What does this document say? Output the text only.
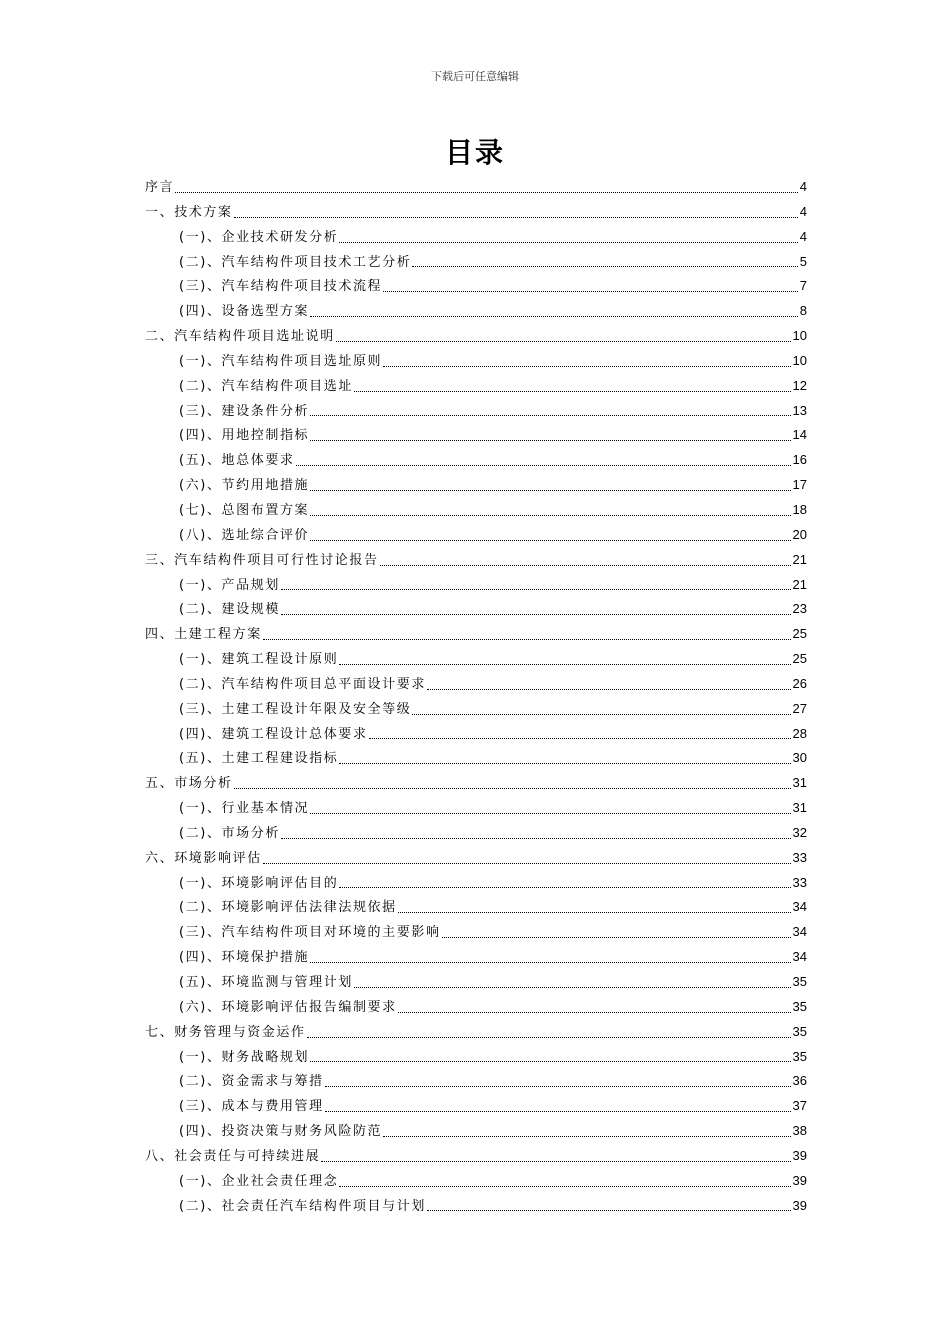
下载后可任意编辑
目录
序言	4
一、技术方案	4
(一)、企业技术研发分析	4
(二)、汽车结构件项目技术工艺分析	5
(三)、汽车结构件项目技术流程	7
(四)、设备选型方案	8
二、汽车结构件项目选址说明	10
(一)、汽车结构件项目选址原则	10
(二)、汽车结构件项目选址	12
(三)、建设条件分析	13
(四)、用地控制指标	14
(五)、地总体要求	16
(六)、节约用地措施	17
(七)、总图布置方案	18
(八)、选址综合评价	20
三、汽车结构件项目可行性讨论报告	21
(一)、产品规划	21
(二)、建设规模	23
四、土建工程方案	25
(一)、建筑工程设计原则	25
(二)、汽车结构件项目总平面设计要求	26
(三)、土建工程设计年限及安全等级	27
(四)、建筑工程设计总体要求	28
(五)、土建工程建设指标	30
五、市场分析	31
(一)、行业基本情况	31
(二)、市场分析	32
六、环境影响评估	33
(一)、环境影响评估目的	33
(二)、环境影响评估法律法规依据	34
(三)、汽车结构件项目对环境的主要影响	34
(四)、环境保护措施	34
(五)、环境监测与管理计划	35
(六)、环境影响评估报告编制要求	35
七、财务管理与资金运作	35
(一)、财务战略规划	35
(二)、资金需求与筹措	36
(三)、成本与费用管理	37
(四)、投资决策与财务风险防范	38
八、社会责任与可持续进展	39
(一)、企业社会责任理念	39
(二)、社会责任汽车结构件项目与计划	39
